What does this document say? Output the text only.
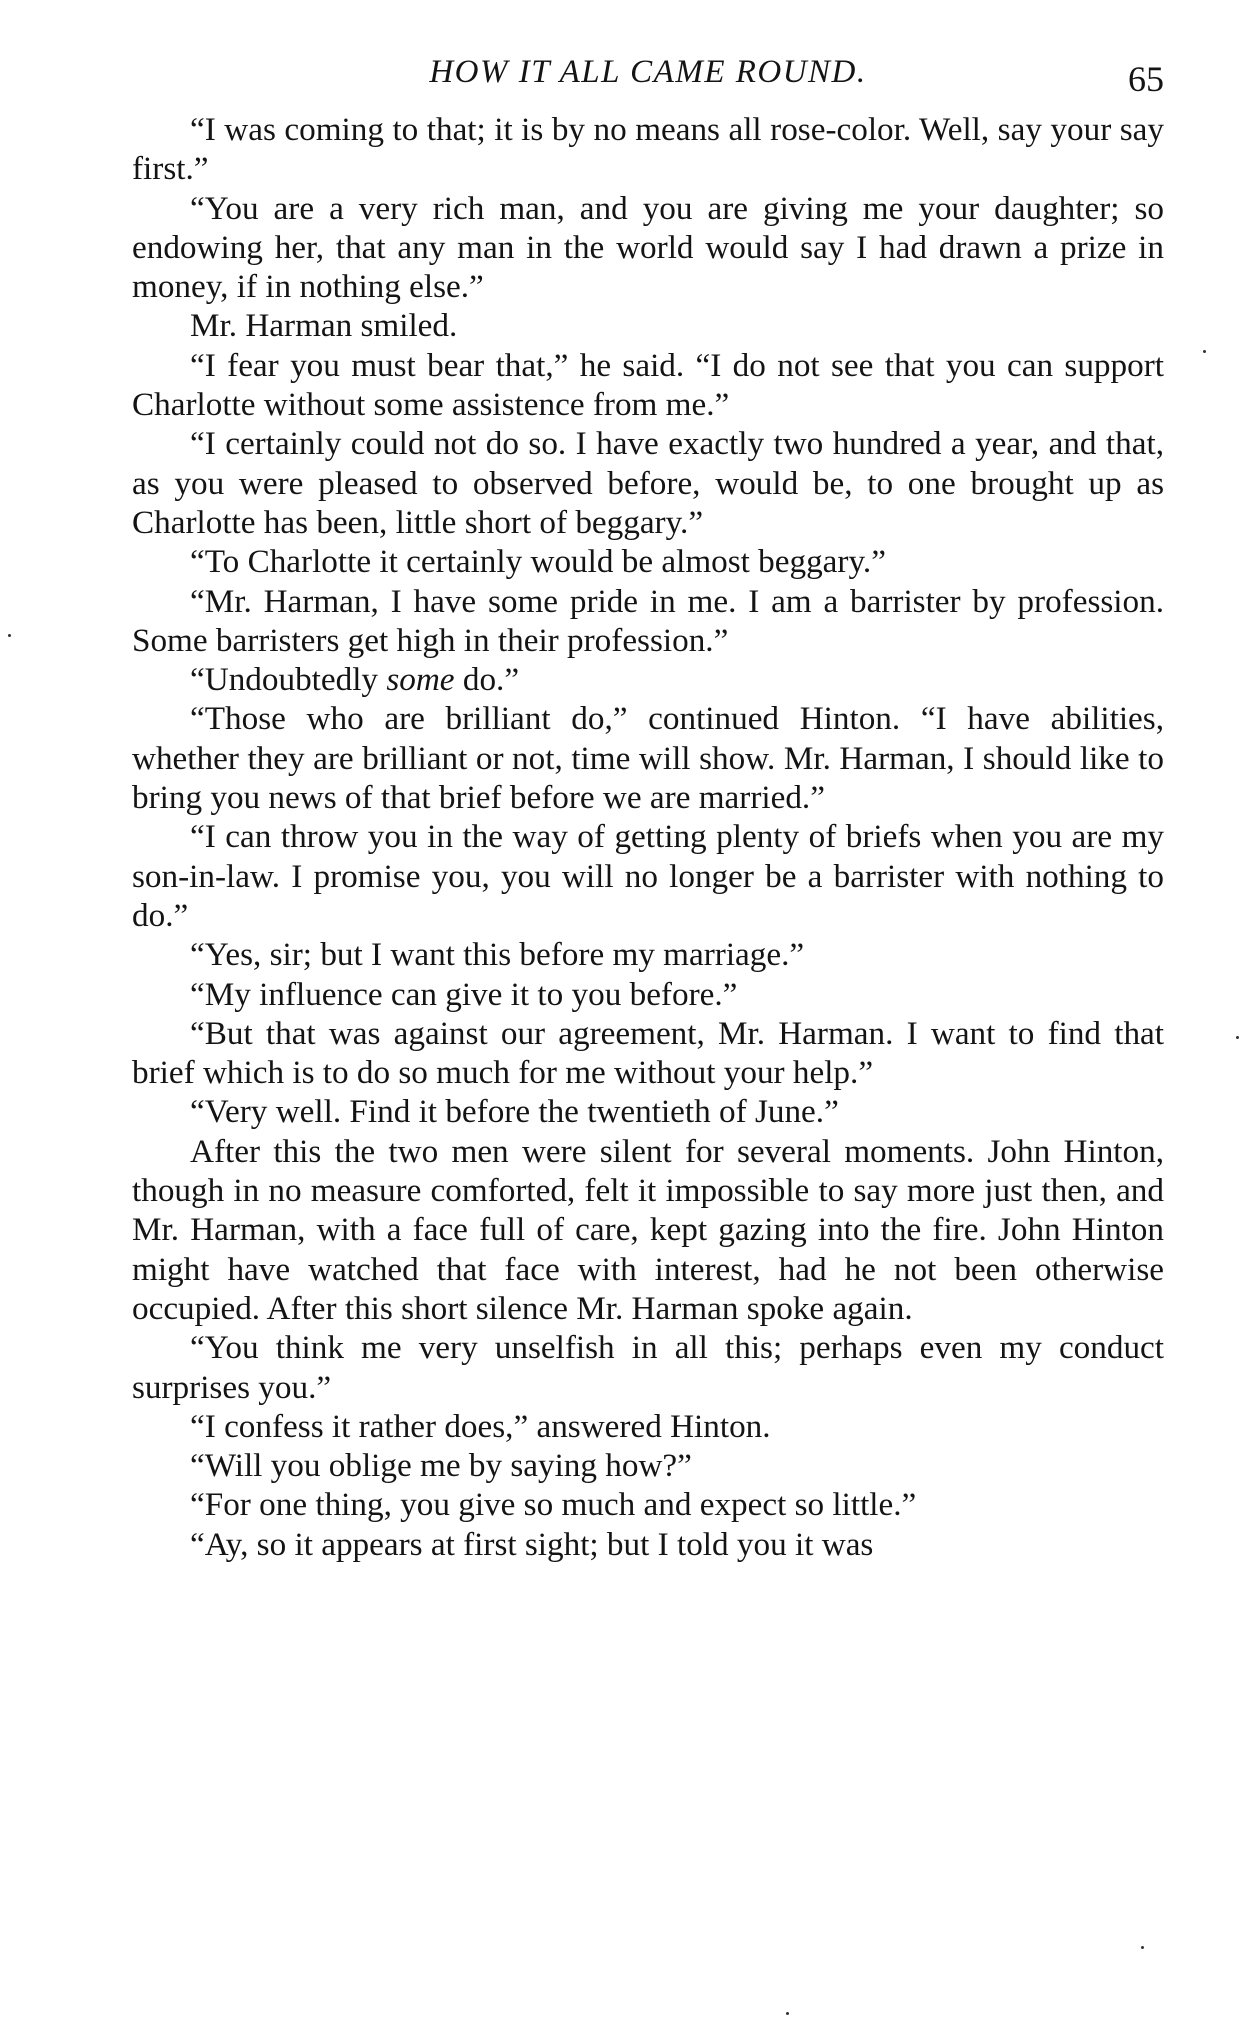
HOW IT ALL CAME ROUND.	65

“I was coming to that; it is by no means all rose-color. Well, say your say first.”

“You are a very rich man, and you are giving me your daughter; so endowing her, that any man in the world would say I had drawn a prize in money, if in nothing else.”

Mr. Harman smiled.

“I fear you must bear that,” he said. “I do not see that you can support Charlotte without some assistence from me.”

“I certainly could not do so. I have exactly two hundred a year, and that, as you were pleased to observed before, would be, to one brought up as Charlotte has been, little short of beggary.”

“To Charlotte it certainly would be almost beggary.”

“Mr. Harman, I have some pride in me. I am a barrister by profession. Some barristers get high in their profession.”

“Undoubtedly some do.”

“Those who are brilliant do,” continued Hinton. “I have abilities, whether they are brilliant or not, time will show. Mr. Harman, I should like to bring you news of that brief before we are married.”

“I can throw you in the way of getting plenty of briefs when you are my son-in-law. I promise you, you will no longer be a barrister with nothing to do.”

“Yes, sir; but I want this before my marriage.”

“My influence can give it to you before.”

“But that was against our agreement, Mr. Harman. I want to find that brief which is to do so much for me without your help.”

“Very well. Find it before the twentieth of June.”

After this the two men were silent for several moments. John Hinton, though in no measure comforted, felt it impossible to say more just then, and Mr. Harman, with a face full of care, kept gazing into the fire. John Hinton might have watched that face with interest, had he not been otherwise occupied. After this short silence Mr. Harman spoke again.

“You think me very unselfish in all this; perhaps even my conduct surprises you.”

“I confess it rather does,” answered Hinton.

“Will you oblige me by saying how?”

“For one thing, you give so much and expect so little.”

“Ay, so it appears at first sight; but I told you it was
